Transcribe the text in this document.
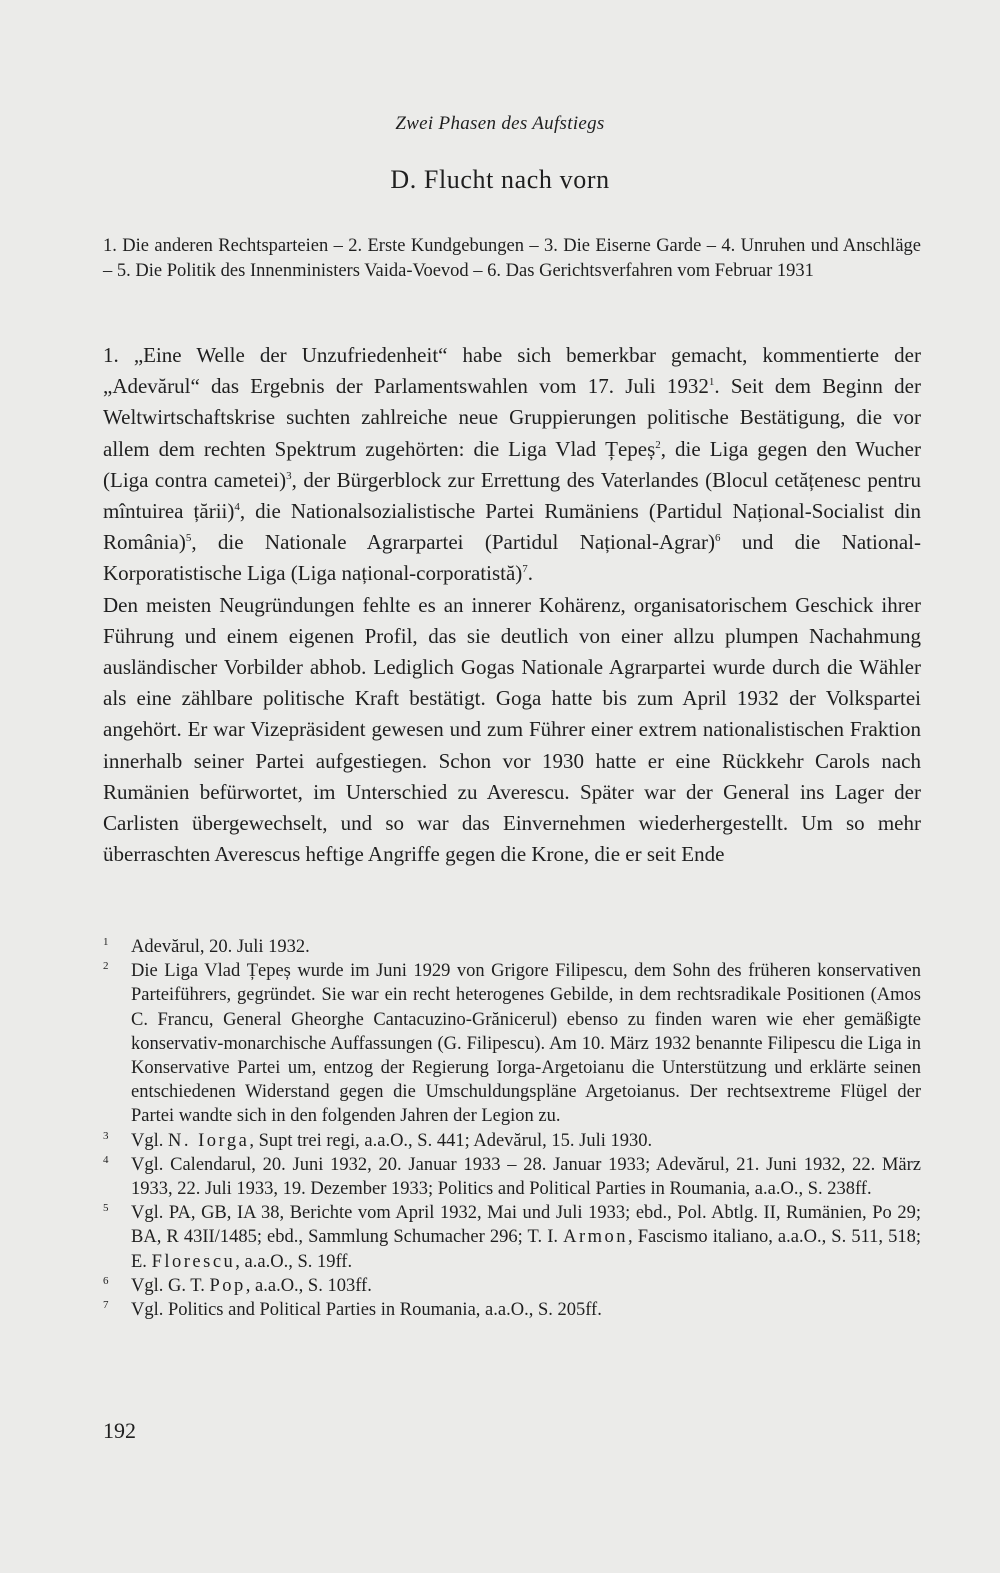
Zwei Phasen des Aufstiegs
D. Flucht nach vorn

1. Die anderen Rechtsparteien – 2. Erste Kundgebungen – 3. Die Eiserne Garde – 4. Unruhen und Anschläge – 5. Die Politik des Innenministers Vaida-Voevod – 6. Das Gerichtsverfahren vom Februar 1931

1. „Eine Welle der Unzufriedenheit“ habe sich bemerkbar gemacht, kommentierte der „Adevărul“ das Ergebnis der Parlamentswahlen vom 17. Juli 1932$^1$. Seit dem Beginn der Weltwirtschaftskrise suchten zahlreiche neue Gruppierungen politische Bestätigung, die vor allem dem rechten Spektrum zugehörten: die Liga Vlad Țepeș$^2$, die Liga gegen den Wucher (Liga contra cametei)$^3$, der Bürgerblock zur Errettung des Vaterlandes (Blocul cetățenesc pentru mîntuirea țării)$^4$, die Nationalsozialistische Partei Rumäniens (Partidul Național-Socialist din România)$^5$, die Nationale Agrarpartei (Partidul Național-Agrar)$^6$ und die National-Korporatistische Liga (Liga național-corporatistă)$^7$.

Den meisten Neugründungen fehlte es an innerer Kohärenz, organisatorischem Geschick ihrer Führung und einem eigenen Profil, das sie deutlich von einer allzu plumpen Nachahmung ausländischer Vorbilder abhob. Lediglich Gogas Nationale Agrarpartei wurde durch die Wähler als eine zählbare politische Kraft bestätigt. Goga hatte bis zum April 1932 der Volkspartei angehört. Er war Vizepräsident gewesen und zum Führer einer extrem nationalistischen Fraktion innerhalb seiner Partei aufgestiegen. Schon vor 1930 hatte er eine Rückkehr Carols nach Rumänien befürwortet, im Unterschied zu Averescu. Später war der General ins Lager der Carlisten übergewechselt, und so war das Einvernehmen wiederhergestellt. Um so mehr überraschten Averescus heftige Angriffe gegen die Krone, die er seit Ende

1 Adevărul, 20. Juli 1932.

2 Die Liga Vlad Țepeș wurde im Juni 1929 von Grigore Filipescu, dem Sohn des früheren konservativen Parteiführers, gegründet. Sie war ein recht heterogenes Gebilde, in dem rechtsradikale Positionen (Amos C. Francu, General Gheorghe Cantacuzino-Grănicerul) ebenso zu finden waren wie eher gemäßigte konservativ-monarchische Auffassungen (G. Filipescu). Am 10. März 1932 benannte Filipescu die Liga in Konservative Partei um, entzog der Regierung Iorga-Argetoianu die Unterstützung und erklärte seinen entschiedenen Widerstand gegen die Umschuldungspläne Argetoianus. Der rechtsextreme Flügel der Partei wandte sich in den folgenden Jahren der Legion zu.

3 Vgl. N. Iorga, Supt trei regi, a.a.O., S. 441; Adevărul, 15. Juli 1930.

4 Vgl. Calendarul, 20. Juni 1932, 20. Januar 1933 – 28. Januar 1933; Adevărul, 21. Juni 1932, 22. März 1933, 22. Juli 1933, 19. Dezember 1933; Politics and Political Parties in Roumania, a.a.O., S. 238ff.

5 Vgl. PA, GB, IA 38, Berichte vom April 1932, Mai und Juli 1933; ebd., Pol. Abtlg. II, Rumänien, Po 29; BA, R 43II/1485; ebd., Sammlung Schumacher 296; T. I. Armon, Fascismo italiano, a.a.O., S. 511, 518; E. Florescu, a.a.O., S. 19ff.

6 Vgl. G. T. Pop, a.a.O., S. 103ff.

7 Vgl. Politics and Political Parties in Roumania, a.a.O., S. 205ff.

192
